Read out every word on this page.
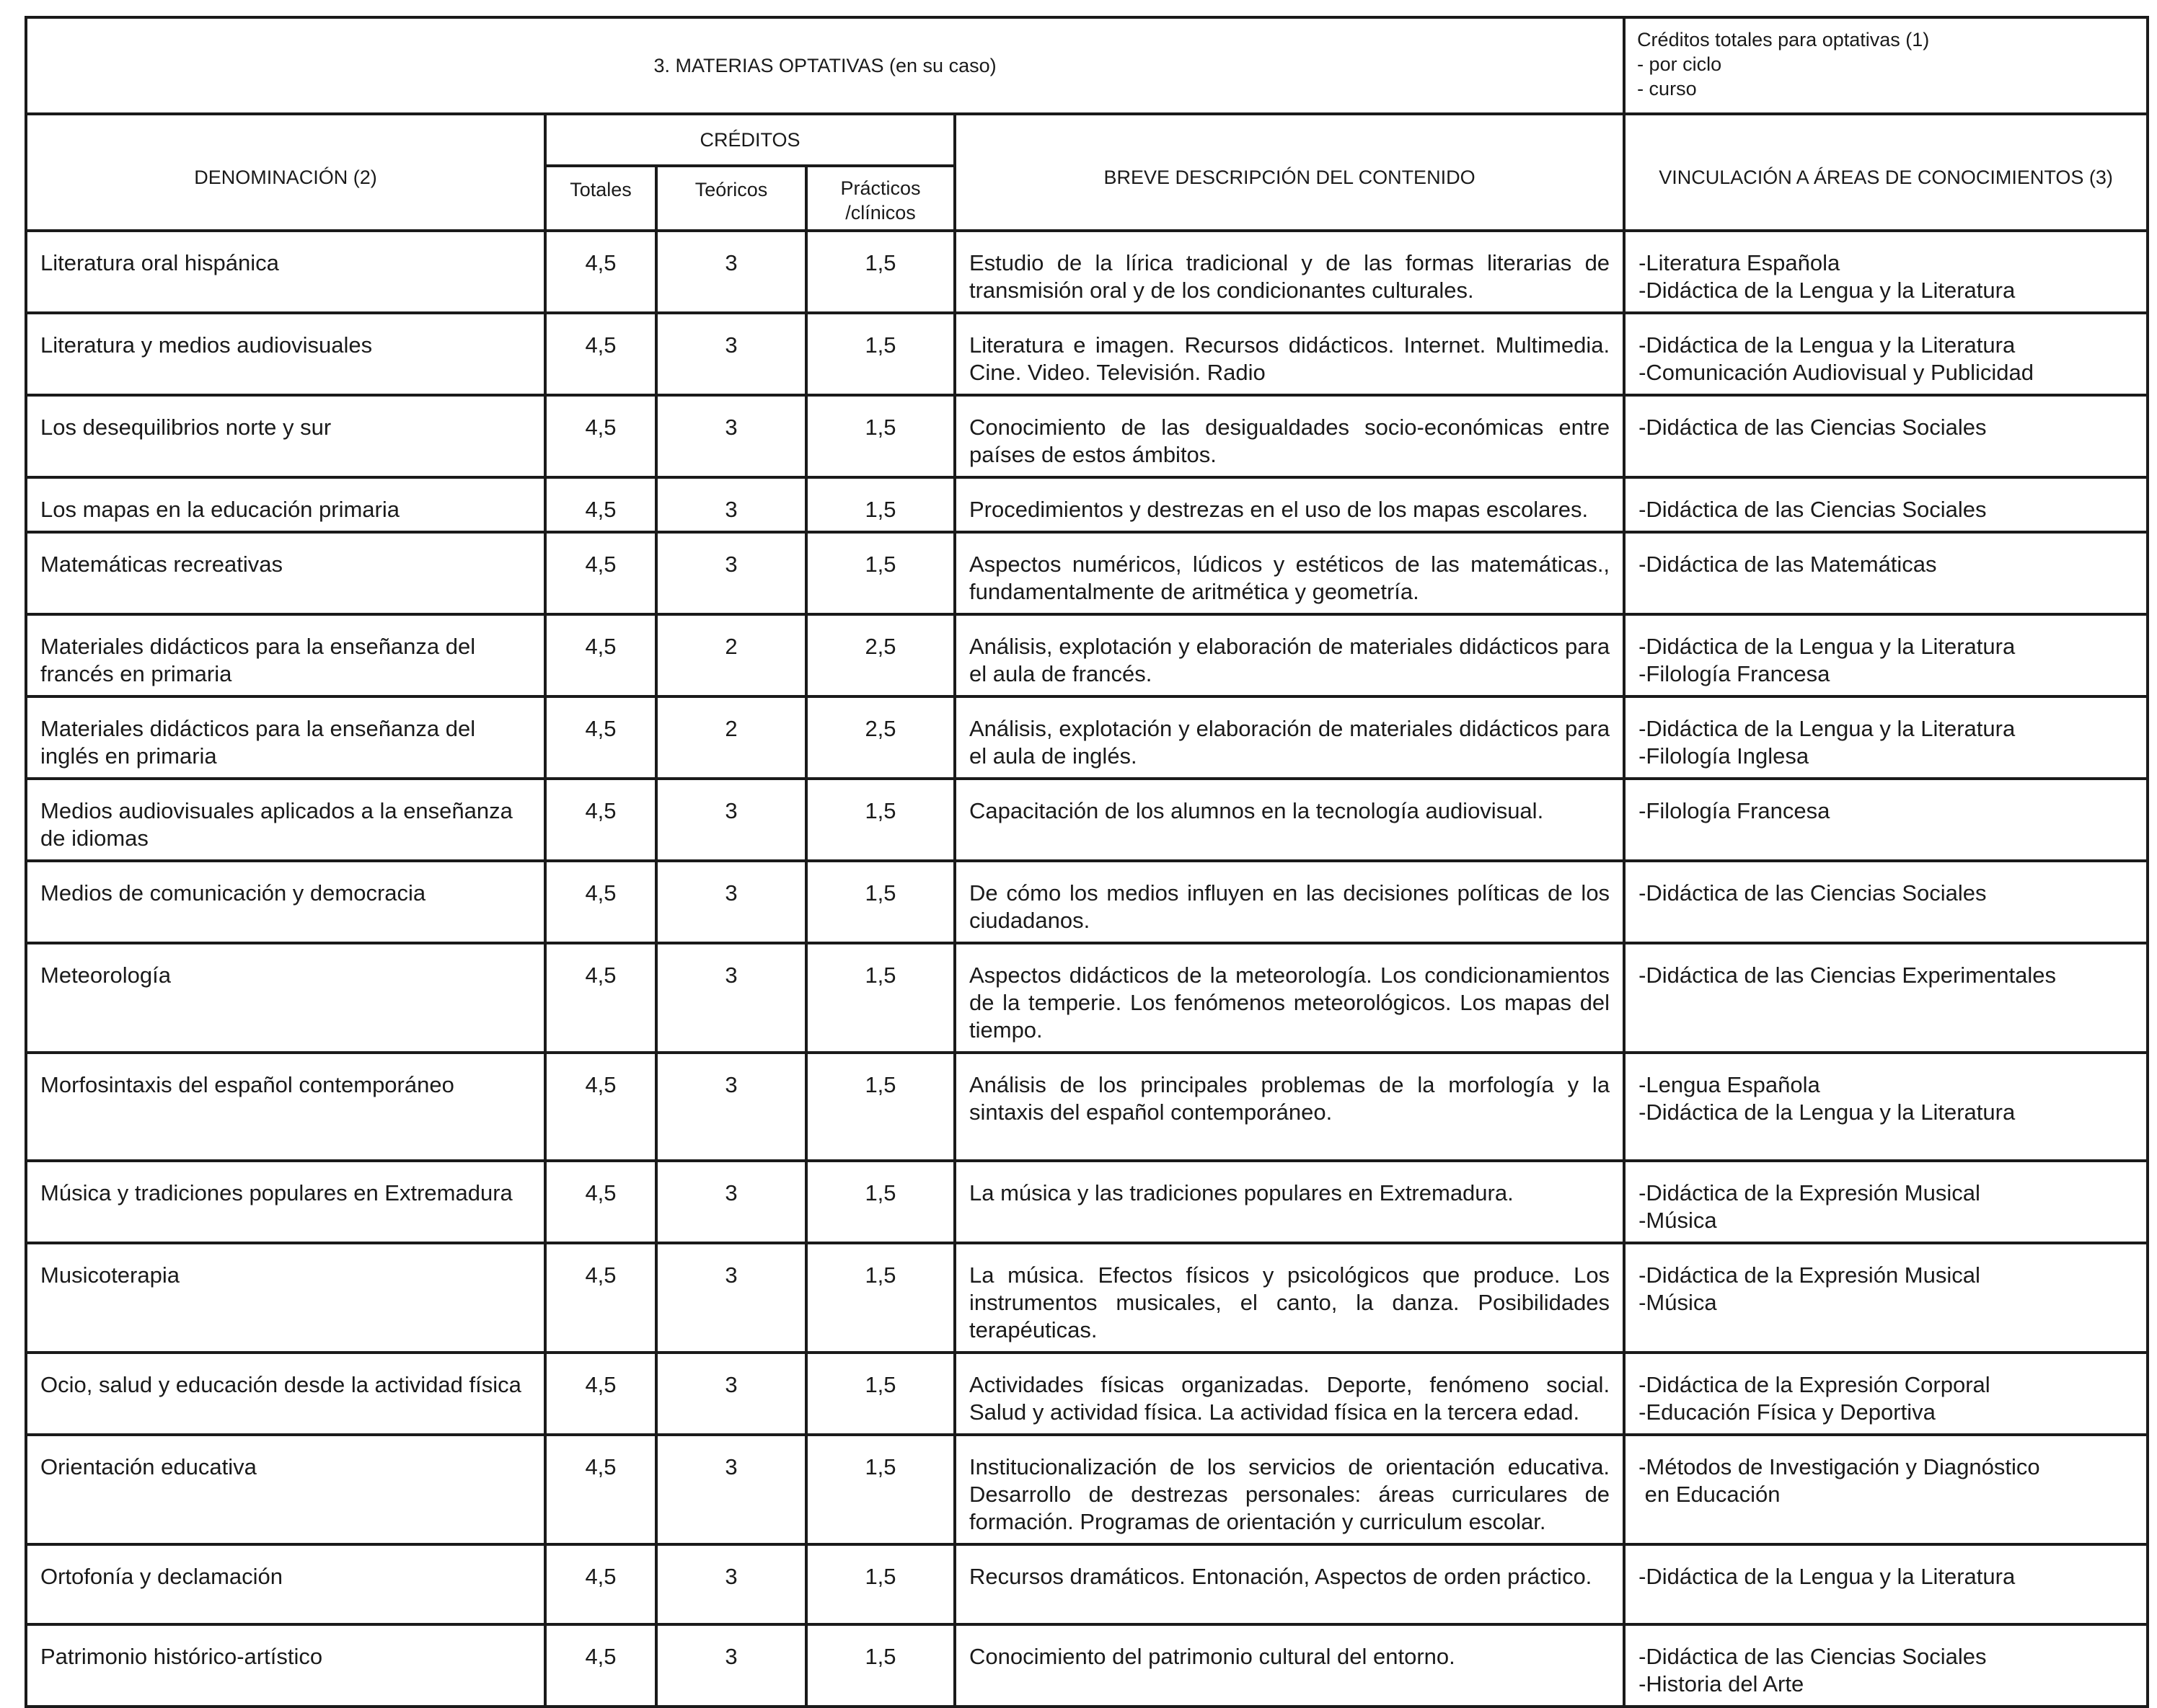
3. MATERIAS OPTATIVAS (en su caso)					Créditos totales para optativas (1)
- por ciclo
- curso

DENOMINACIÓN (2)	CRÉDITOS			BREVE DESCRIPCIÓN DEL CONTENIDO	VINCULACIÓN A ÁREAS DE CONOCIMIENTOS (3)
	Totales	Teóricos	Prácticos
/clínicos		

Literatura oral hispánica	4,5	3	1,5	Estudio de la lírica tradicional y de las formas literarias de transmisión oral y de los condicionantes culturales.	-Literatura Española
-Didáctica de la Lengua y la Literatura

Literatura y medios audiovisuales	4,5	3	1,5	Literatura e imagen. Recursos didácticos. Internet. Multimedia. Cine. Video. Televisión. Radio	-Didáctica de la Lengua y la Literatura
-Comunicación Audiovisual y Publicidad

Los desequilibrios norte y sur	4,5	3	1,5	Conocimiento de las desigualdades socio-económicas entre países de estos ámbitos.	-Didáctica de las Ciencias Sociales

Los mapas en la educación primaria	4,5	3	1,5	Procedimientos y destrezas en el uso de los mapas escolares.	-Didáctica de las Ciencias Sociales

Matemáticas recreativas	4,5	3	1,5	Aspectos numéricos, lúdicos y estéticos de las matemáticas., fundamentalmente de aritmética y geometría.	-Didáctica de las Matemáticas

Materiales didácticos para la enseñanza del francés en primaria	4,5	2	2,5	Análisis, explotación y elaboración de materiales didácticos para el aula de francés.	-Didáctica de la Lengua y la Literatura
-Filología Francesa

Materiales didácticos para la enseñanza del inglés en primaria	4,5	2	2,5	Análisis, explotación y elaboración de materiales didácticos para el aula de inglés.	-Didáctica de la Lengua y la Literatura
-Filología Inglesa

Medios audiovisuales aplicados a la enseñanza de idiomas	4,5	3	1,5	Capacitación de los alumnos en la tecnología audiovisual.	-Filología Francesa

Medios de comunicación y democracia	4,5	3	1,5	De cómo los medios influyen en las decisiones políticas de los ciudadanos.	-Didáctica de las Ciencias Sociales

Meteorología	4,5	3	1,5	Aspectos didácticos de la meteorología. Los condicionamientos de la temperie. Los fenómenos meteorológicos. Los mapas del tiempo.	-Didáctica de las Ciencias Experimentales

Morfosintaxis del español contemporáneo	4,5	3	1,5	Análisis de los principales problemas de la morfología y la sintaxis del español contemporáneo.	-Lengua Española
-Didáctica de la Lengua y la Literatura

Música y tradiciones populares en Extremadura	4,5	3	1,5	La música y las tradiciones populares en Extremadura.	-Didáctica de la Expresión Musical
-Música

Musicoterapia	4,5	3	1,5	La música. Efectos físicos y psicológicos que produce. Los instrumentos musicales, el canto, la danza. Posibilidades terapéuticas.	-Didáctica de la Expresión Musical
-Música

Ocio, salud y educación desde la actividad física	4,5	3	1,5	Actividades físicas organizadas. Deporte, fenómeno social. Salud y actividad física. La actividad física en la tercera edad.	-Didáctica de la Expresión Corporal
-Educación Física y Deportiva

Orientación educativa	4,5	3	1,5	Institucionalización de los servicios de orientación educativa. Desarrollo de destrezas personales: áreas curriculares de formación. Programas de orientación y curriculum escolar.	-Métodos de Investigación y Diagnóstico
en Educación

Ortofonía y declamación	4,5	3	1,5	Recursos dramáticos. Entonación, Aspectos de orden práctico.	-Didáctica de la Lengua y la Literatura

Patrimonio histórico-artístico	4,5	3	1,5	Conocimiento del patrimonio cultural del entorno.	-Didáctica de las Ciencias Sociales
-Historia del Arte
